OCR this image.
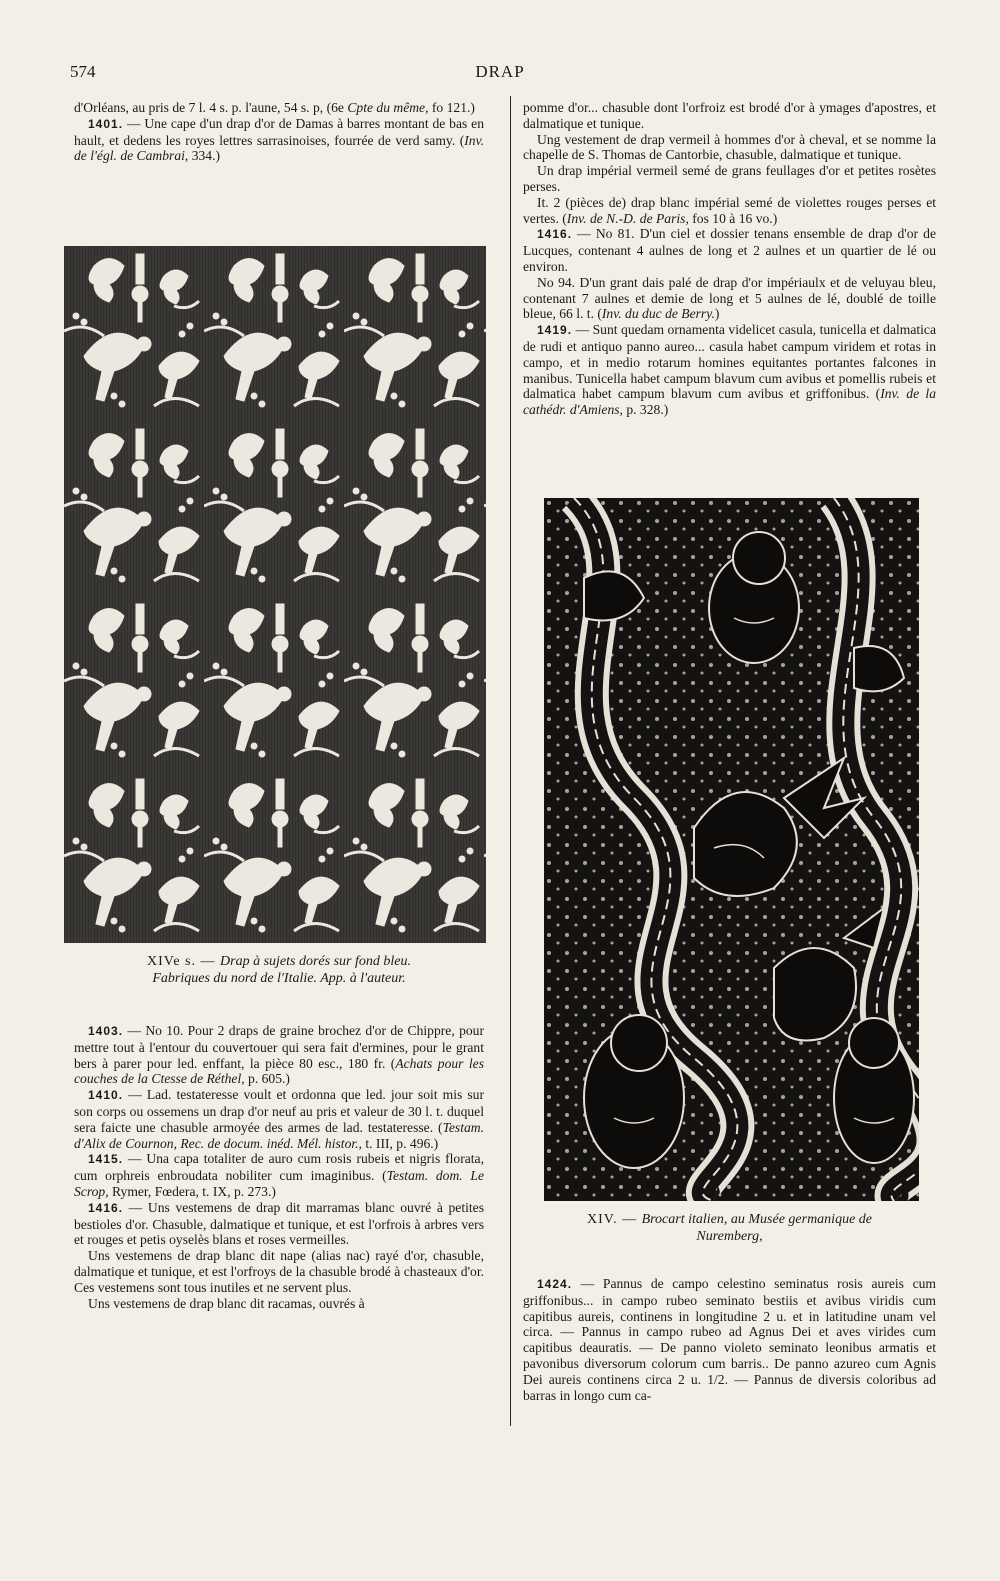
574	DRAP

d'Orléans, au pris de 7 l. 4 s. p. l'aune, 54 s. p, (6e Cpte du même, fo 121.)

1401. — Une cape d'un drap d'or de Damas à barres montant de bas en hault, et dedens les royes lettres sarrasinoises, fourrée de verd samy. (Inv. de l'égl. de Cambrai, 334.)

XIVe s. — Drap à sujets dorés sur fond bleu.
Fabriques du nord de l'Italie. App. à l'auteur.

1403. — No 10. Pour 2 draps de graine brochez d'or de Chippre, pour mettre tout à l'entour du couvertouer qui sera fait d'ermines, pour le grant bers à parer pour led. enffant, la pièce 80 esc., 180 fr. (Achats pour les couches de la Ctesse de Réthel, p. 605.)

1410. — Lad. testateresse voult et ordonna que led. jour soit mis sur son corps ou ossemens un drap d'or neuf au pris et valeur de 30 l. t. duquel sera faicte une chasuble armoyée des armes de lad. testateresse. (Testam. d'Alix de Cournon, Rec. de docum. inéd. Mél. histor., t. III, p. 496.)

1415. — Una capa totaliter de auro cum rosis rubeis et nigris florata, cum orphreis enbroudata nobiliter cum imaginibus. (Testam. dom. Le Scrop, Rymer, Fœdera, t. IX, p. 273.)

1416. — Uns vestemens de drap dit marramas blanc ouvré à petites bestioles d'or. Chasuble, dalmatique et tunique, et est l'orfrois à arbres vers et rouges et petis oyselès blans et roses vermeilles.

Uns vestemens de drap blanc dit nape (alias nac) rayé d'or, chasuble, dalmatique et tunique, et est l'orfroys de la chasuble brodé à chasteaux d'or. Ces vestemens sont tous inutiles et ne servent plus.

Uns vestemens de drap blanc dit racamas, ouvrés à

pomme d'or... chasuble dont l'orfroiz est brodé d'or à ymages d'apostres, et dalmatique et tunique.

Ung vestement de drap vermeil à hommes d'or à cheval, et se nomme la chapelle de S. Thomas de Cantorbie, chasuble, dalmatique et tunique.

Un drap impérial vermeil semé de grans feullages d'or et petites rosètes perses.

It. 2 (pièces de) drap blanc impérial semé de violettes rouges perses et vertes. (Inv. de N.-D. de Paris, fos 10 à 16 vo.)

1416. — No 81. D'un ciel et dossier tenans ensemble de drap d'or de Lucques, contenant 4 aulnes de long et 2 aulnes et un quartier de lé ou environ.

No 94. D'un grant dais palé de drap d'or impériaulx et de veluyau bleu, contenant 7 aulnes et demie de long et 5 aulnes de lé, doublé de toille bleue, 66 l. t. (Inv. du duc de Berry.)

1419. — Sunt quedam ornamenta videlicet casula, tunicella et dalmatica de rudi et antiquo panno aureo... casula habet campum viridem et rotas in campo, et in medio rotarum homines equitantes portantes falcones in manibus. Tunicella habet campum blavum cum avibus et pomellis rubeis et dalmatica habet campum blavum cum avibus et griffonibus. (Inv. de la cathédr. d'Amiens, p. 328.)

XIV. — Brocart italien, au Musée germanique de
Nuremberg,

1424. — Pannus de campo celestino seminatus rosis aureis cum griffonibus... in campo rubeo seminato bestiis et avibus viridis cum capitibus aureis, continens in longitudine 2 u. et in latitudine unam vel circa. — Pannus in campo rubeo ad Agnus Dei et aves virides cum capitibus deauratis. — De panno violeto seminato leonibus armatis et pavonibus diversorum colorum cum barris.. De panno azureo cum Agnis Dei aureis continens circa 2 u. 1/2. — Pannus de diversis coloribus ad barras in longo cum ca-
